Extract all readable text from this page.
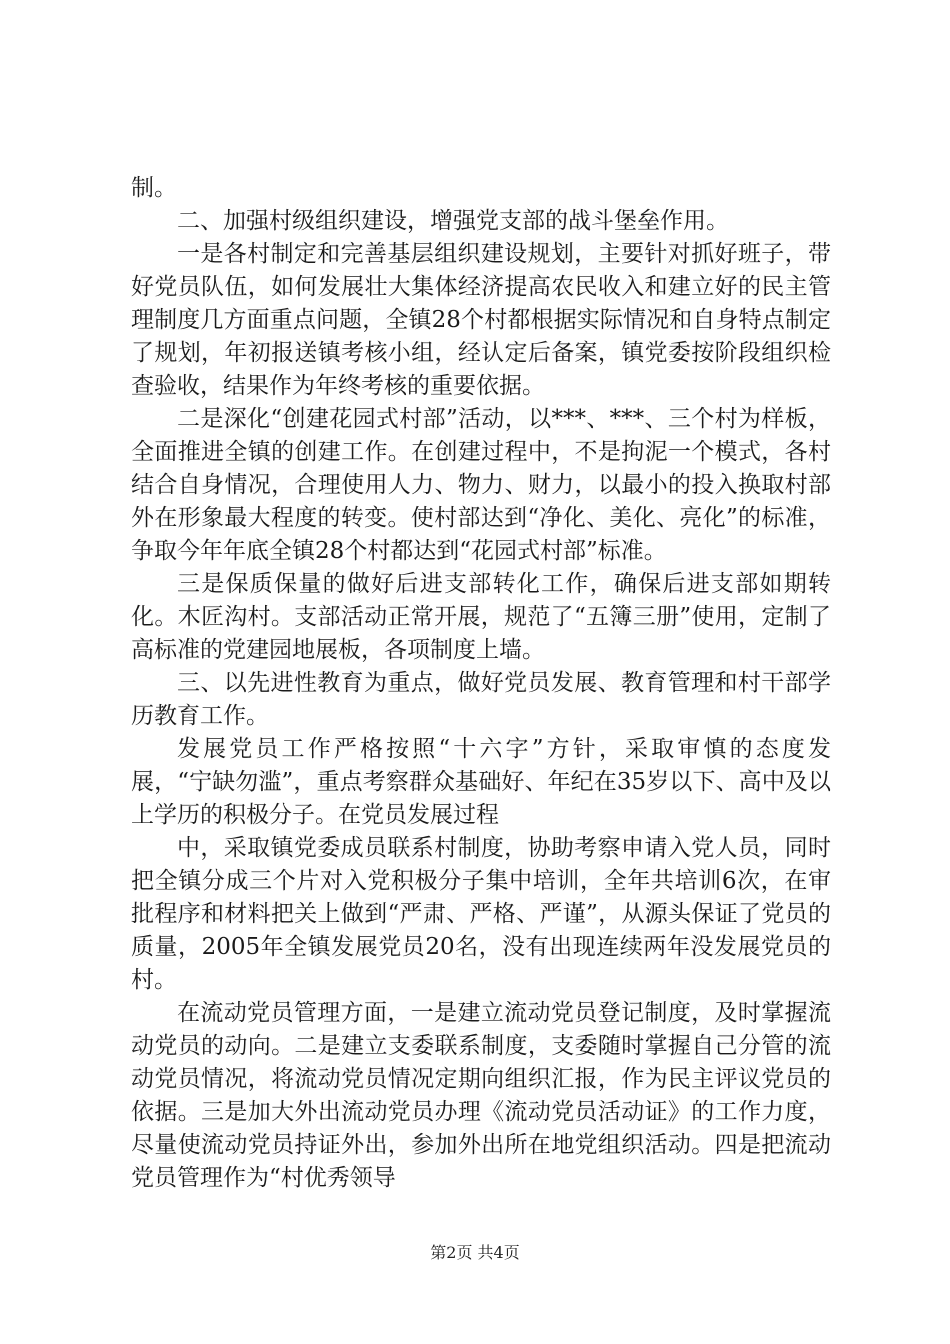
制。

二、加强村级组织建设，增强党支部的战斗堡垒作用。

一是各村制定和完善基层组织建设规划，主要针对抓好班子，带好党员队伍，如何发展壮大集体经济提高农民收入和建立好的民主管理制度几方面重点问题，全镇28个村都根据实际情况和自身特点制定了规划，年初报送镇考核小组，经认定后备案，镇党委按阶段组织检查验收，结果作为年终考核的重要依据。

二是深化“创建花园式村部”活动，以***、***、三个村为样板，全面推进全镇的创建工作。在创建过程中，不是拘泥一个模式，各村结合自身情况，合理使用人力、物力、财力，以最小的投入换取村部外在形象最大程度的转变。使村部达到“净化、美化、亮化”的标准，争取今年年底全镇28个村都达到“花园式村部”标准。

三是保质保量的做好后进支部转化工作，确保后进支部如期转化。木匠沟村。支部活动正常开展，规范了“五簿三册”使用，定制了高标准的党建园地展板，各项制度上墙。

三、以先进性教育为重点，做好党员发展、教育管理和村干部学历教育工作。

发展党员工作严格按照“十六字”方针，采取审慎的态度发展，“宁缺勿滥”，重点考察群众基础好、年纪在35岁以下、高中及以上学历的积极分子。在党员发展过程

中，采取镇党委成员联系村制度，协助考察申请入党人员，同时把全镇分成三个片对入党积极分子集中培训，全年共培训6次，在审批程序和材料把关上做到“严肃、严格、严谨”，从源头保证了党员的质量，2005年全镇发展党员20名，没有出现连续两年没发展党员的村。

在流动党员管理方面，一是建立流动党员登记制度，及时掌握流动党员的动向。二是建立支委联系制度，支委随时掌握自己分管的流动党员情况，将流动党员情况定期向组织汇报，作为民主评议党员的依据。三是加大外出流动党员办理《流动党员活动证》的工作力度，尽量使流动党员持证外出，参加外出所在地党组织活动。四是把流动党员管理作为“村优秀领导

第2页 共4页
